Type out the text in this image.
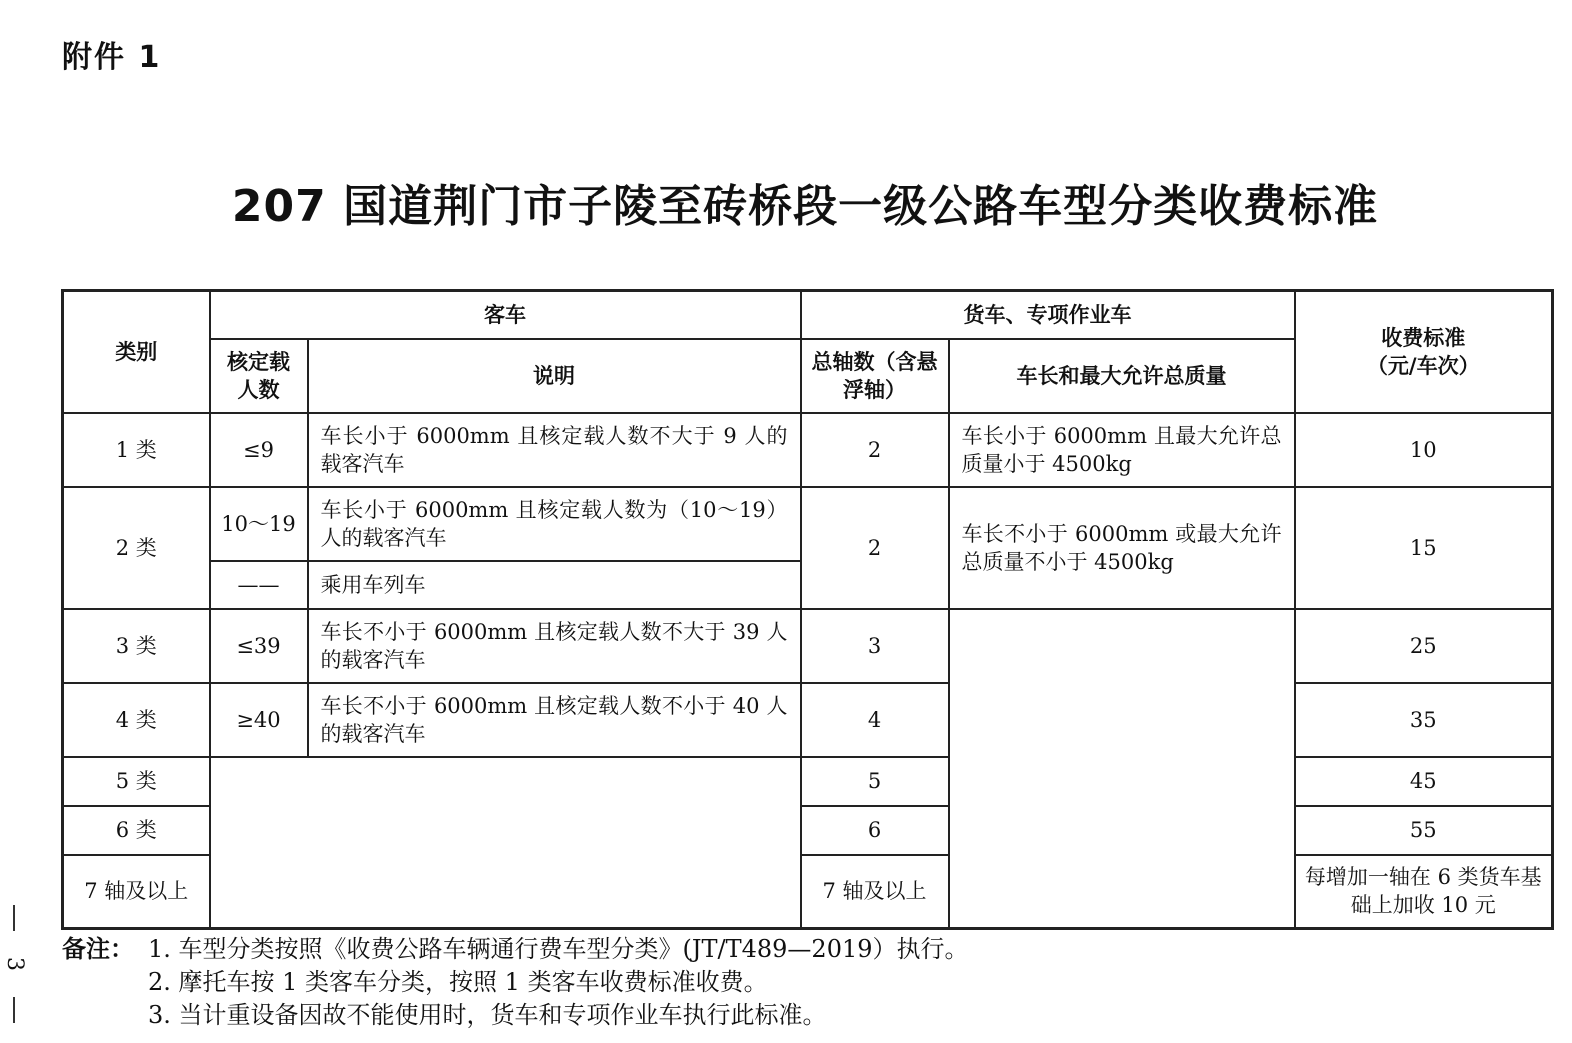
附件 1
207 国道荆门市子陵至砖桥段一级公路车型分类收费标准
类别	客车		货车、专项作业车		收费标准
（元/车次）
	核定载人数	说明	总轴数（含悬浮轴）	车长和最大允许总质量	
1 类	≤9	车长小于 6000mm 且核定载人数不大于 9 人的载客汽车	2	车长小于 6000mm 且最大允许总质量小于 4500kg	10
2 类	10～19	车长小于 6000mm 且核定载人数为（10～19）人的载客汽车	2	车长不小于 6000mm 或最大允许总质量不小于 4500kg	15
	——	乘用车列车			
3 类	≤39	车长不小于 6000mm 且核定载人数不大于 39 人的载客汽车	3		25
4 类	≥40	车长不小于 6000mm 且核定载人数不小于 40 人的载客汽车	4		35
5 类			5		45
6 类			6		55
7 轴及以上			7 轴及以上		每增加一轴在 6 类货车基础上加收 10 元
备注： 1. 车型分类按照《收费公路车辆通行费车型分类》(JT/T489—2019）执行。
2. 摩托车按 1 类客车分类，按照 1 类客车收费标准收费。
3. 当计重设备因故不能使用时，货车和专项作业车执行此标准。
3
